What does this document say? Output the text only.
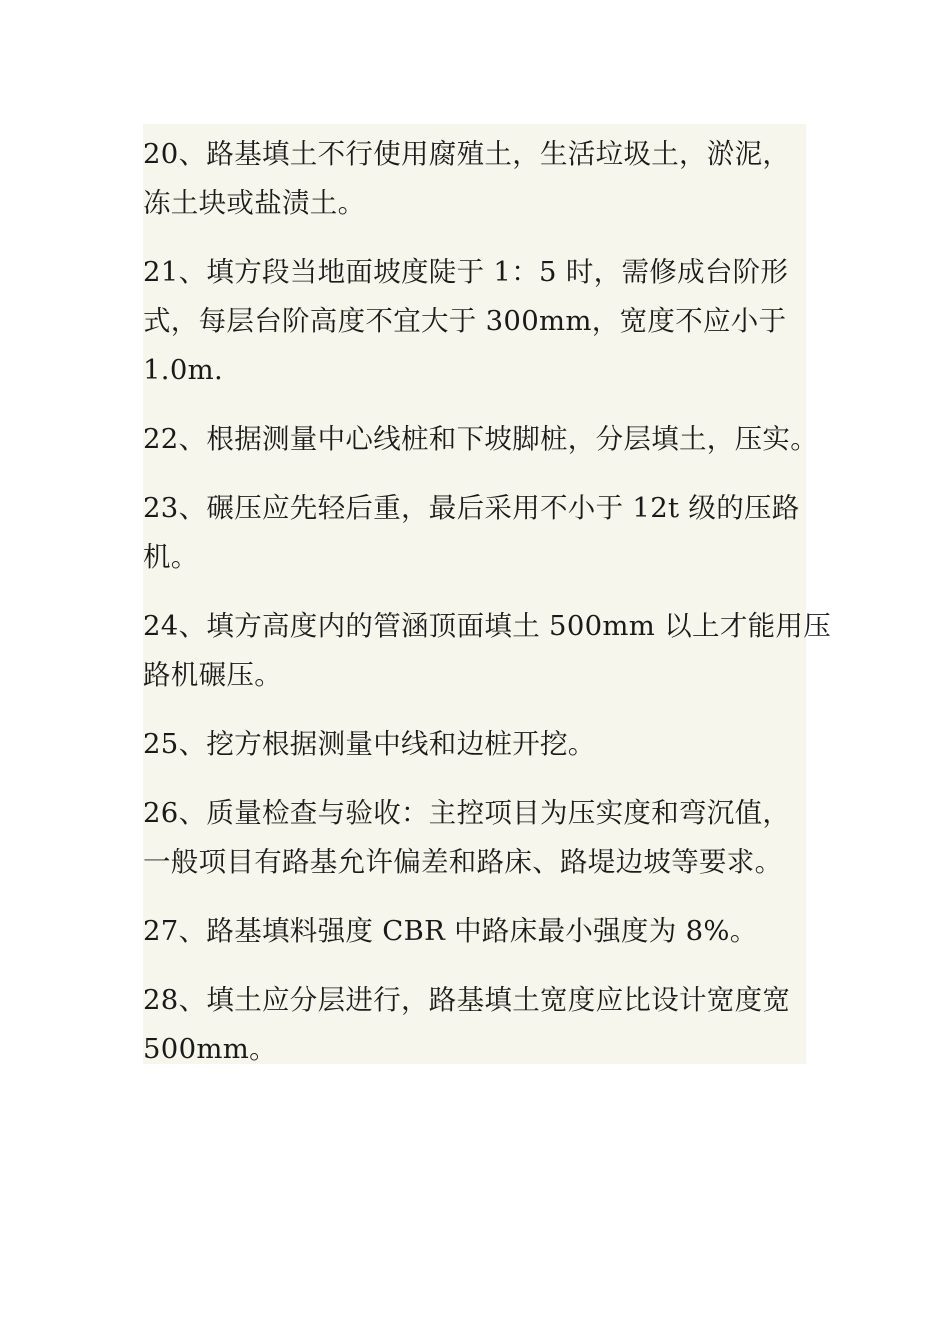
20、路基填土不行使用腐殖土，生活垃圾土，淤泥，
冻土块或盐渍土。
21、填方段当地面坡度陡于 1：5 时，需修成台阶形
式，每层台阶高度不宜大于 300mm，宽度不应小于
1.0m.
22、根据测量中心线桩和下坡脚桩，分层填土，压实。
23、碾压应先轻后重，最后采用不小于 12t 级的压路
机。
24、填方高度内的管涵顶面填土 500mm 以上才能用压
路机碾压。
25、挖方根据测量中线和边桩开挖。
26、质量检查与验收：主控项目为压实度和弯沉值，
一般项目有路基允许偏差和路床、路堤边坡等要求。
27、路基填料强度 CBR 中路床最小强度为 8%。
28、填土应分层进行，路基填土宽度应比设计宽度宽
500mm。
